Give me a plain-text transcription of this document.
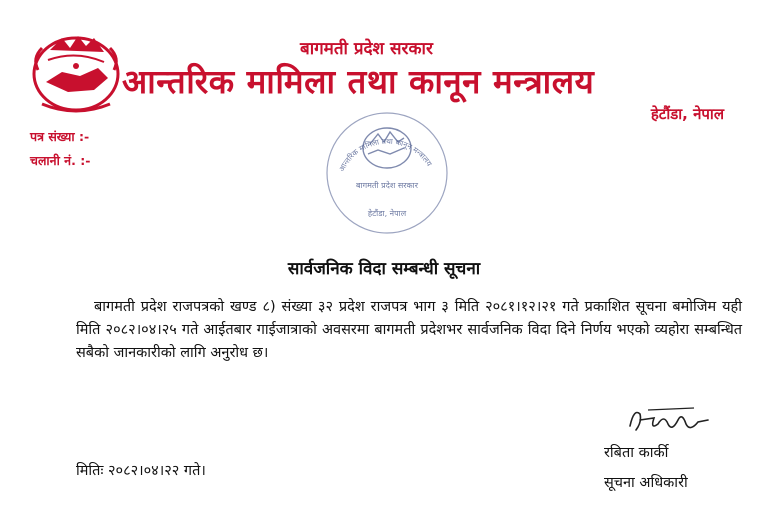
बागमती प्रदेश सरकार
आन्तरिक मामिला तथा कानून मन्त्रालय
हेटौंडा, नेपाल
पत्र संख्या :-
चलानी नं. :-	आन्तरिक मामिला तथा कानून मन्त्रालय
बागमती प्रदेश सरकार
हेटौंडा, नेपाल
सार्वजनिक विदा सम्बन्धी सूचना
बागमती प्रदेश राजपत्रको खण्ड ८) संख्या ३२ प्रदेश राजपत्र भाग ३ मिति २०८१।१२।२१ गते प्रकाशित सूचना बमोजिम यही मिति २०८२।०४।२५ गते आईतबार गाईजात्राको अवसरमा बागमती प्रदेशभर सार्वजनिक विदा दिने निर्णय भएको व्यहोरा सम्बन्धित सबैको जानकारीको लागि अनुरोध छ।
मितिः २०८२।०४।२२ गते।
रबिता कार्की
सूचना अधिकारी
